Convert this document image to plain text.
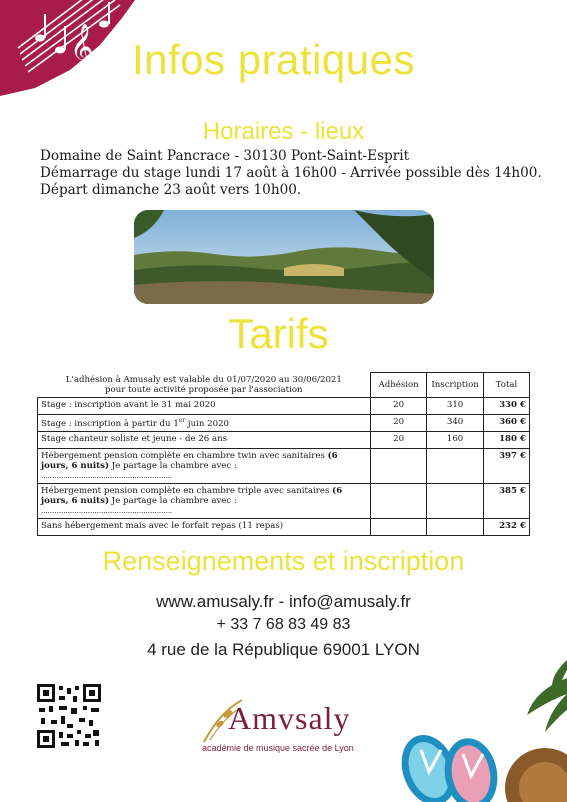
𝄞 Infos pratiques
Horaires - lieux
Domaine de Saint Pancrace - 30130 Pont-Saint-Esprit
Démarrage du stage lundi 17 août à 16h00 - Arrivée possible dès 14h00.
Départ dimanche 23 août vers 10h00.
Tarifs
L'adhésion à Amusaly est valable du 01/07/2020 au 30/06/2021
pour toute activité proposée par l'association	Adhésion	Inscription	Total
Stage : inscription avant le 31 mai 2020	20	310	330 €
Stage : inscription à partir du 1er juin 2020	20	340	360 €
Stage chanteur soliste et jeune - de 26 ans	20	160	180 €
Hébergement pension complète en chambre twin avec sanitaires (6 jours, 6 nuits) Je partage la chambre avec : ...........................................................			397 €
Hébergement pension complète en chambre triple avec sanitaires (6 jours, 6 nuits) Je partage la chambre avec : ...........................................................			385 €
Sans hébergement mais avec le forfait repas (11 repas)			232 €
Renseignements et inscription
www.amusaly.fr - info@amusaly.fr
+ 33 7 68 83 49 83
4 rue de la République 69001 LYON
Amvsaly
académie de musique sacrée de Lyon
